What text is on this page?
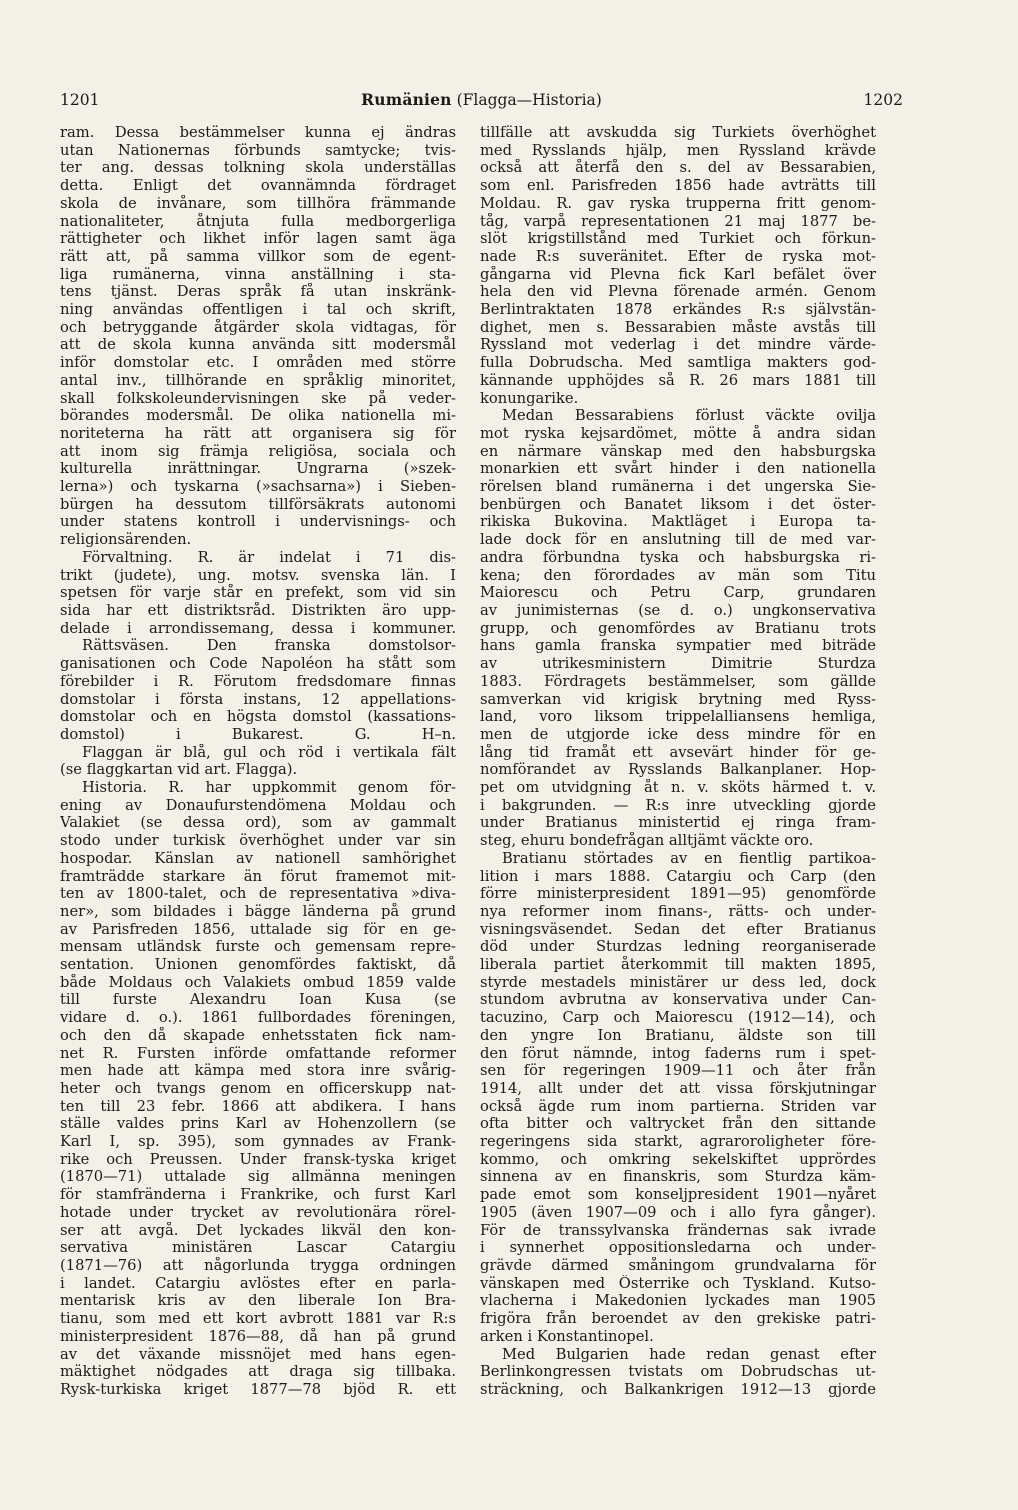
1201	Rumänien (Flagga—Historia)	1202
ram. Dessa bestämmelser kunna ej ändras
utan Nationernas förbunds samtycke; tvis-
ter ang. dessas tolkning skola underställas
detta. Enligt det ovannämnda fördraget
skola de invånare, som tillhöra främmande
nationaliteter, åtnjuta fulla medborgerliga
rättigheter och likhet inför lagen samt äga
rätt att, på samma villkor som de egent-
liga rumänerna, vinna anställning i sta-
tens tjänst. Deras språk få utan inskränk-
ning användas offentligen i tal och skrift,
och betryggande åtgärder skola vidtagas, för
att de skola kunna använda sitt modersmål
inför domstolar etc. I områden med större
antal inv., tillhörande en språklig minoritet,
skall folkskoleundervisningen ske på veder-
börandes modersmål. De olika nationella mi-
noriteterna ha rätt att organisera sig för
att inom sig främja religiösa, sociala och
kulturella inrättningar. Ungrarna (»szek-
lerna») och tyskarna (»sachsarna») i Sieben-
bürgen ha dessutom tillförsäkrats autonomi
under statens kontroll i undervisnings- och
religionsärenden.
Förvaltning. R. är indelat i 71 dis-
trikt (judete), ung. motsv. svenska län. I
spetsen för varje står en prefekt, som vid sin
sida har ett distriktsråd. Distrikten äro upp-
delade i arrondissemang, dessa i kommuner.
Rättsväsen. Den franska domstolsor-
ganisationen och Code Napoléon ha stått som
förebilder i R. Förutom fredsdomare finnas
domstolar i första instans, 12 appellations-
domstolar och en högsta domstol (kassations-
domstol) i Bukarest. G. H–n.
Flaggan är blå, gul och röd i vertikala fält
(se flaggkartan vid art. Flagga).
Historia. R. har uppkommit genom för-
ening av Donaufurstendömena Moldau och
Valakiet (se dessa ord), som av gammalt
stodo under turkisk överhöghet under var sin
hospodar. Känslan av nationell samhörighet
framträdde starkare än förut framemot mit-
ten av 1800-talet, och de representativa »diva-
ner», som bildades i bägge länderna på grund
av Parisfreden 1856, uttalade sig för en ge-
mensam utländsk furste och gemensam repre-
sentation. Unionen genomfördes faktiskt, då
både Moldaus och Valakiets ombud 1859 valde
till furste Alexandru Ioan Kusa (se
vidare d. o.). 1861 fullbordades föreningen,
och den då skapade enhetsstaten fick nam-
net R. Fursten införde omfattande reformer
men hade att kämpa med stora inre svårig-
heter och tvangs genom en officerskupp nat-
ten till 23 febr. 1866 att abdikera. I hans
ställe valdes prins Karl av Hohenzollern (se
Karl I, sp. 395), som gynnades av Frank-
rike och Preussen. Under fransk-tyska kriget
(1870—71) uttalade sig allmänna meningen
för stamfränderna i Frankrike, och furst Karl
hotade under trycket av revolutionära rörel-
ser att avgå. Det lyckades likväl den kon-
servativa ministären Lascar Catargiu
(1871—76) att någorlunda trygga ordningen
i landet. Catargiu avlöstes efter en parla-
mentarisk kris av den liberale Ion Bra-
tianu, som med ett kort avbrott 1881 var R:s
ministerpresident 1876—88, då han på grund
av det växande missnöjet med hans egen-
mäktighet nödgades att draga sig tillbaka.
Rysk-turkiska kriget 1877—78 bjöd R. ett
tillfälle att avskudda sig Turkiets överhöghet
med Rysslands hjälp, men Ryssland krävde
också att återfå den s. del av Bessarabien,
som enl. Parisfreden 1856 hade avträtts till
Moldau. R. gav ryska trupperna fritt genom-
tåg, varpå representationen 21 maj 1877 be-
slöt krigstillstånd med Turkiet och förkun-
nade R:s suveränitet. Efter de ryska mot-
gångarna vid Plevna fick Karl befälet över
hela den vid Plevna förenade armén. Genom
Berlintraktaten 1878 erkändes R:s självstän-
dighet, men s. Bessarabien måste avstås till
Ryssland mot vederlag i det mindre värde-
fulla Dobrudscha. Med samtliga makters god-
kännande upphöjdes så R. 26 mars 1881 till
konungarike.
Medan Bessarabiens förlust väckte ovilja
mot ryska kejsardömet, mötte å andra sidan
en närmare vänskap med den habsburgska
monarkien ett svårt hinder i den nationella
rörelsen bland rumänerna i det ungerska Sie-
benbürgen och Banatet liksom i det öster-
rikiska Bukovina. Maktläget i Europa ta-
lade dock för en anslutning till de med var-
andra förbundna tyska och habsburgska ri-
kena; den förordades av män som Titu
Maiorescu och Petru Carp, grundaren
av junimisternas (se d. o.) ungkonservativa
grupp, och genomfördes av Bratianu trots
hans gamla franska sympatier med biträde
av utrikesministern Dimitrie Sturdza
1883. Fördragets bestämmelser, som gällde
samverkan vid krigisk brytning med Ryss-
land, voro liksom trippelalliansens hemliga,
men de utgjorde icke dess mindre för en
lång tid framåt ett avsevärt hinder för ge-
nomförandet av Rysslands Balkanplaner. Hop-
pet om utvidgning åt n. v. sköts härmed t. v.
i bakgrunden. — R:s inre utveckling gjorde
under Bratianus ministertid ej ringa fram-
steg, ehuru bondefrågan alltjämt väckte oro.
Bratianu störtades av en fientlig partikoa-
lition i mars 1888. Catargiu och Carp (den
förre ministerpresident 1891—95) genomförde
nya reformer inom finans-, rätts- och under-
visningsväsendet. Sedan det efter Bratianus
död under Sturdzas ledning reorganiserade
liberala partiet återkommit till makten 1895,
styrde mestadels ministärer ur dess led, dock
stundom avbrutna av konservativa under Can-
tacuzino, Carp och Maiorescu (1912—14), och
den yngre Ion Bratianu, äldste son till
den förut nämnde, intog faderns rum i spet-
sen för regeringen 1909—11 och åter från
1914, allt under det att vissa förskjutningar
också ägde rum inom partierna. Striden var
ofta bitter och valtrycket från den sittande
regeringens sida starkt, agraroroligheter före-
kommo, och omkring sekelskiftet upprördes
sinnena av en finanskris, som Sturdza käm-
pade emot som konseljpresident 1901—nyåret
1905 (även 1907—09 och i allo fyra gånger).
För de transsylvanska frändernas sak ivrade
i synnerhet oppositionsledarna och under-
grävde därmed småningom grundvalarna för
vänskapen med Österrike och Tyskland. Kutso-
vlacherna i Makedonien lyckades man 1905
frigöra från beroendet av den grekiske patri-
arken i Konstantinopel.
Med Bulgarien hade redan genast efter
Berlinkongressen tvistats om Dobrudschas ut-
sträckning, och Balkankrigen 1912—13 gjorde
